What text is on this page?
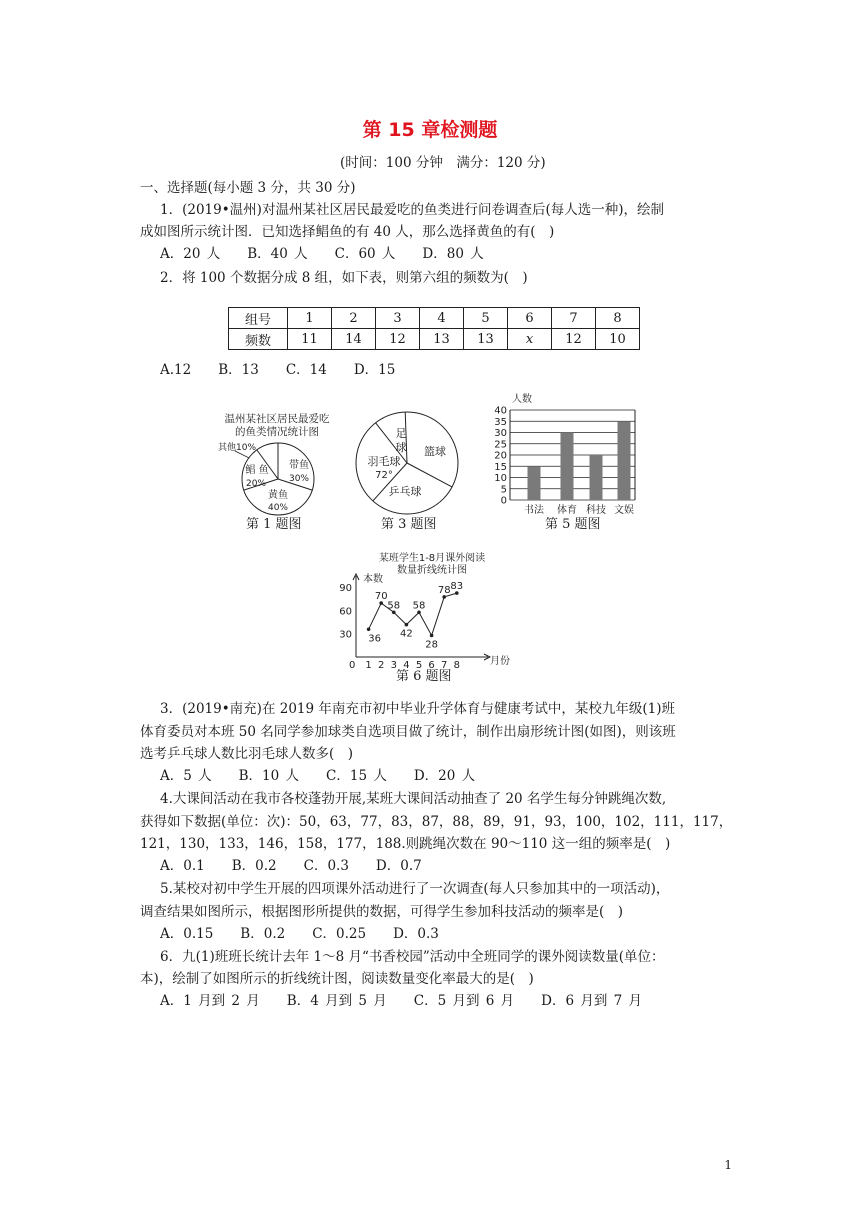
第 15 章检测题
(时间：100 分钟　满分：120 分)
一、选择题(每小题 3 分，共 30 分)
1．(2019•温州)对温州某社区居民最爱吃的鱼类进行问卷调查后(每人选一种)，绘制
成如图所示统计图．已知选择鲳鱼的有 40 人，那么选择黄鱼的有(　)
A．20 人　　B．40 人　　C．60 人　　D．80 人
2．将 100 个数据分成 8 组，如下表，则第六组的频数为(　)
组号	1	2	3	4	5	6	7	8
频数	11	14	12	13	13	x	12	10
A.12　　B．13　　C．14　　D．15
温州某社区居民最爱吃
的鱼类情况统计图
其他10%
鲳 鱼
20%
带鱼
30%
黄鱼
40%
第 1 题图
足
球 篮球
羽毛球
72°
乒乓球
第 3 题图
人数
0
5
10
15
20
25
30
35
40
书法 体育 科技 文娱
第 5 题图
某班学生1-8月课外阅读
数量折线统计图
本数
月份
0
30
60
90
1 2 3 4 5 6 7 8
36
70
58
42
58
28
78 83
第 6 题图
3．(2019•南充)在 2019 年南充市初中毕业升学体育与健康考试中，某校九年级(1)班
体育委员对本班 50 名同学参加球类自选项目做了统计，制作出扇形统计图(如图)，则该班
选考乒乓球人数比羽毛球人数多(　)
A．5 人　　B．10 人　　C．15 人　　D．20 人
4.大课间活动在我市各校蓬勃开展,某班大课间活动抽查了 20 名学生每分钟跳绳次数,
获得如下数据(单位：次)：50，63，77，83，87，88，89，91，93，100，102，111，117，
121，130，133，146，158，177，188.则跳绳次数在 90～110 这一组的频率是(　)
A．0.1　　B．0.2　　C．0.3　　D．0.7
5.某校对初中学生开展的四项课外活动进行了一次调查(每人只参加其中的一项活动)，
调查结果如图所示，根据图形所提供的数据，可得学生参加科技活动的频率是(　)
A．0.15　　B．0.2　　C．0.25　　D．0.3
6．九(1)班班长统计去年 1～8 月“书香校园”活动中全班同学的课外阅读数量(单位：
本)，绘制了如图所示的折线统计图，阅读数量变化率最大的是(　)
A．1 月到 2 月　　B．4 月到 5 月　　C．5 月到 6 月　　D．6 月到 7 月
1
